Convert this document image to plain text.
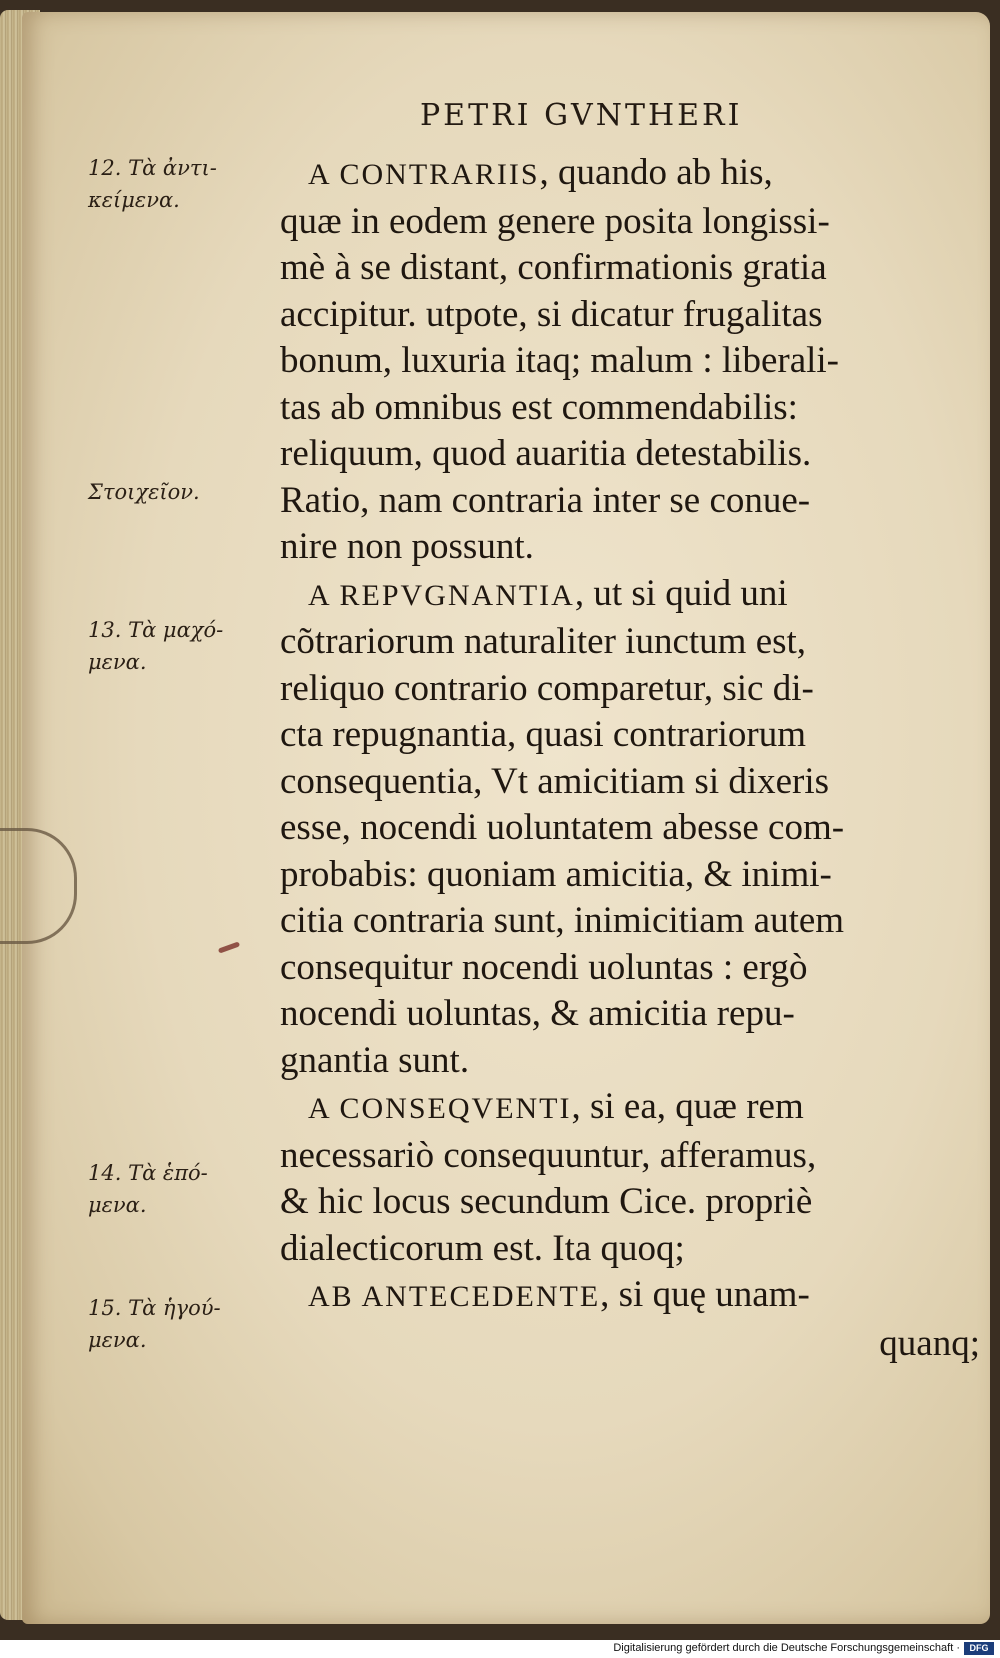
PETRI GVNTHERI
12. Τὰ ἀντι-
κείμενα.
Στοιχεῖον.
13. Τὰ μαχό-
μενα.
14. Τὰ ἑπό-
μενα.
15. Τὰ ἡγού-
μενα.

A CONTRARIIS, quando ab his,
quæ in eodem genere posita longissi-
mè à se distant, confirmationis gratia
accipitur. utpote, si dicatur frugalitas
bonum, luxuria itaq; malum : liberali-
tas ab omnibus est commendabilis:
reliquum, quod auaritia detestabilis.
Ratio, nam contraria inter se conue-
nire non possunt.

A REPVGNANTIA, ut si quid uni
cõtrariorum naturaliter iunctum est,
reliquo contrario comparetur, sic di-
cta repugnantia, quasi contrariorum
consequentia, Vt amicitiam si dixeris
esse, nocendi uoluntatem abesse com-
probabis: quoniam amicitia, & inimi-
citia contraria sunt, inimicitiam autem
consequitur nocendi uoluntas : ergò
nocendi uoluntas, & amicitia repu-
gnantia sunt.

A CONSEQVENTI, si ea, quæ rem
necessariò consequuntur, afferamus,
& hic locus secundum Cice. propriè
dialecticorum est. Ita quoq;

AB ANTECEDENTE, si quę unam-
quanq;

Digitalisierung gefördert durch die Deutsche Forschungsgemeinschaft ·	DFG
